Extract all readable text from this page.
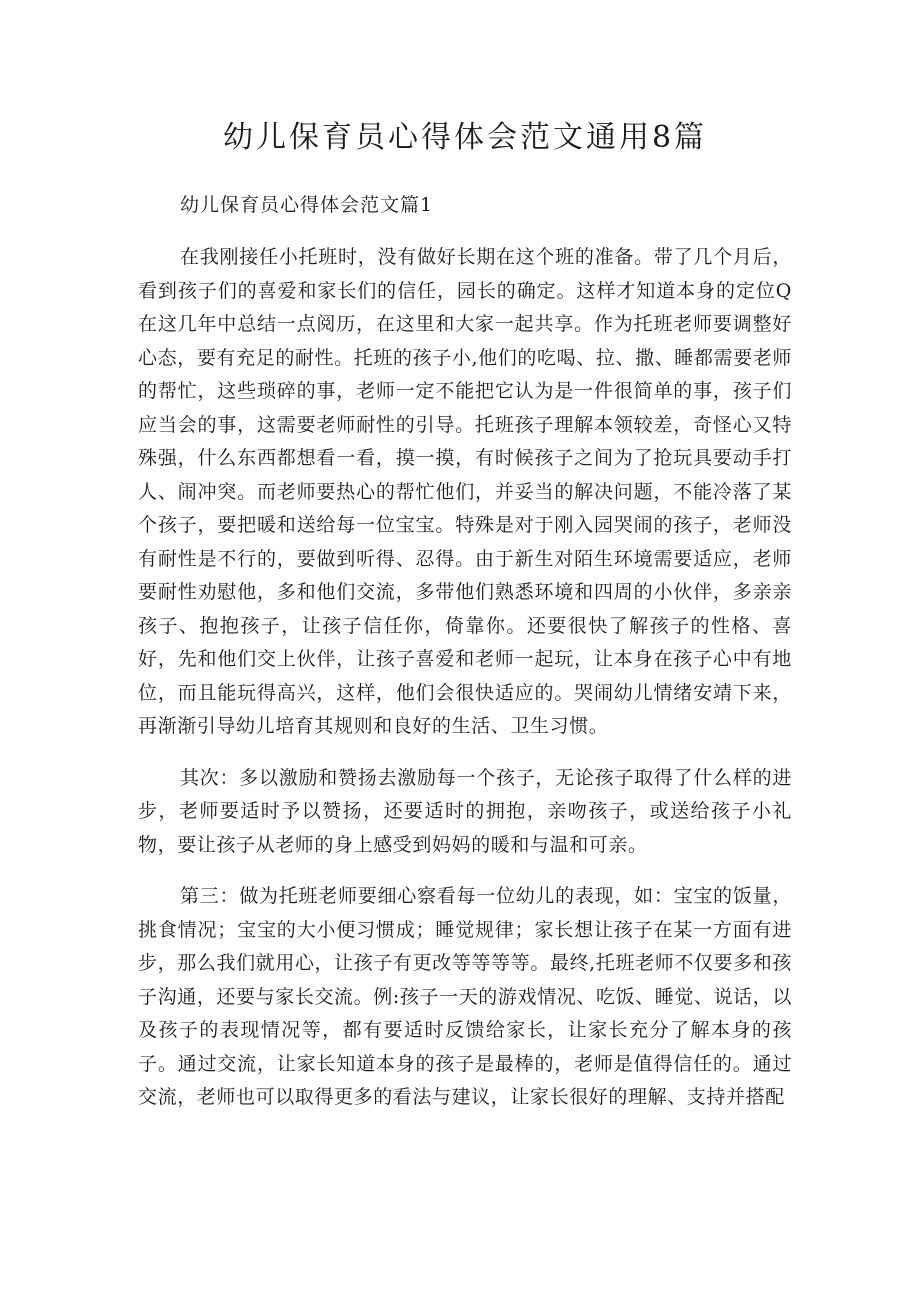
幼儿保育员心得体会范文通用8篇

幼儿保育员心得体会范文篇1

在我刚接任小托班时，没有做好长期在这个班的准备。带了几个月后，看到孩子们的喜爱和家长们的信任，园长的确定。这样才知道本身的定位Q在这几年中总结一点阅历，在这里和大家一起共享。作为托班老师要调整好心态，要有充足的耐性。托班的孩子小,他们的吃喝、拉、撒、睡都需要老师的帮忙，这些琐碎的事，老师一定不能把它认为是一件很简单的事，孩子们应当会的事，这需要老师耐性的引导。托班孩子理解本领较差，奇怪心又特殊强，什么东西都想看一看，摸一摸，有时候孩子之间为了抢玩具要动手打人、闹冲突。而老师要热心的帮忙他们，并妥当的解决问题，不能冷落了某个孩子，要把暖和送给每一位宝宝。特殊是对于刚入园哭闹的孩子，老师没有耐性是不行的，要做到听得、忍得。由于新生对陌生环境需要适应，老师要耐性劝慰他，多和他们交流，多带他们熟悉环境和四周的小伙伴，多亲亲孩子、抱抱孩子，让孩子信任你，倚靠你。还要很快了解孩子的性格、喜好，先和他们交上伙伴，让孩子喜爱和老师一起玩，让本身在孩子心中有地位，而且能玩得高兴，这样，他们会很快适应的。哭闹幼儿情绪安靖下来，再渐渐引导幼儿培育其规则和良好的生活、卫生习惯。

其次：多以激励和赞扬去激励每一个孩子，无论孩子取得了什么样的进步，老师要适时予以赞扬，还要适时的拥抱，亲吻孩子，或送给孩子小礼物，要让孩子从老师的身上感受到妈妈的暖和与温和可亲。

第三：做为托班老师要细心察看每一位幼儿的表现，如：宝宝的饭量，挑食情况；宝宝的大小便习惯成；睡觉规律；家长想让孩子在某一方面有进步，那么我们就用心，让孩子有更改等等等等。最终,托班老师不仅要多和孩子沟通，还要与家长交流。例:孩子一天的游戏情况、吃饭、睡觉、说话，以及孩子的表现情况等，都有要适时反馈给家长，让家长充分了解本身的孩子。通过交流，让家长知道本身的孩子是最棒的，老师是值得信任的。通过交流，老师也可以取得更多的看法与建议，让家长很好的理解、支持并搭配
